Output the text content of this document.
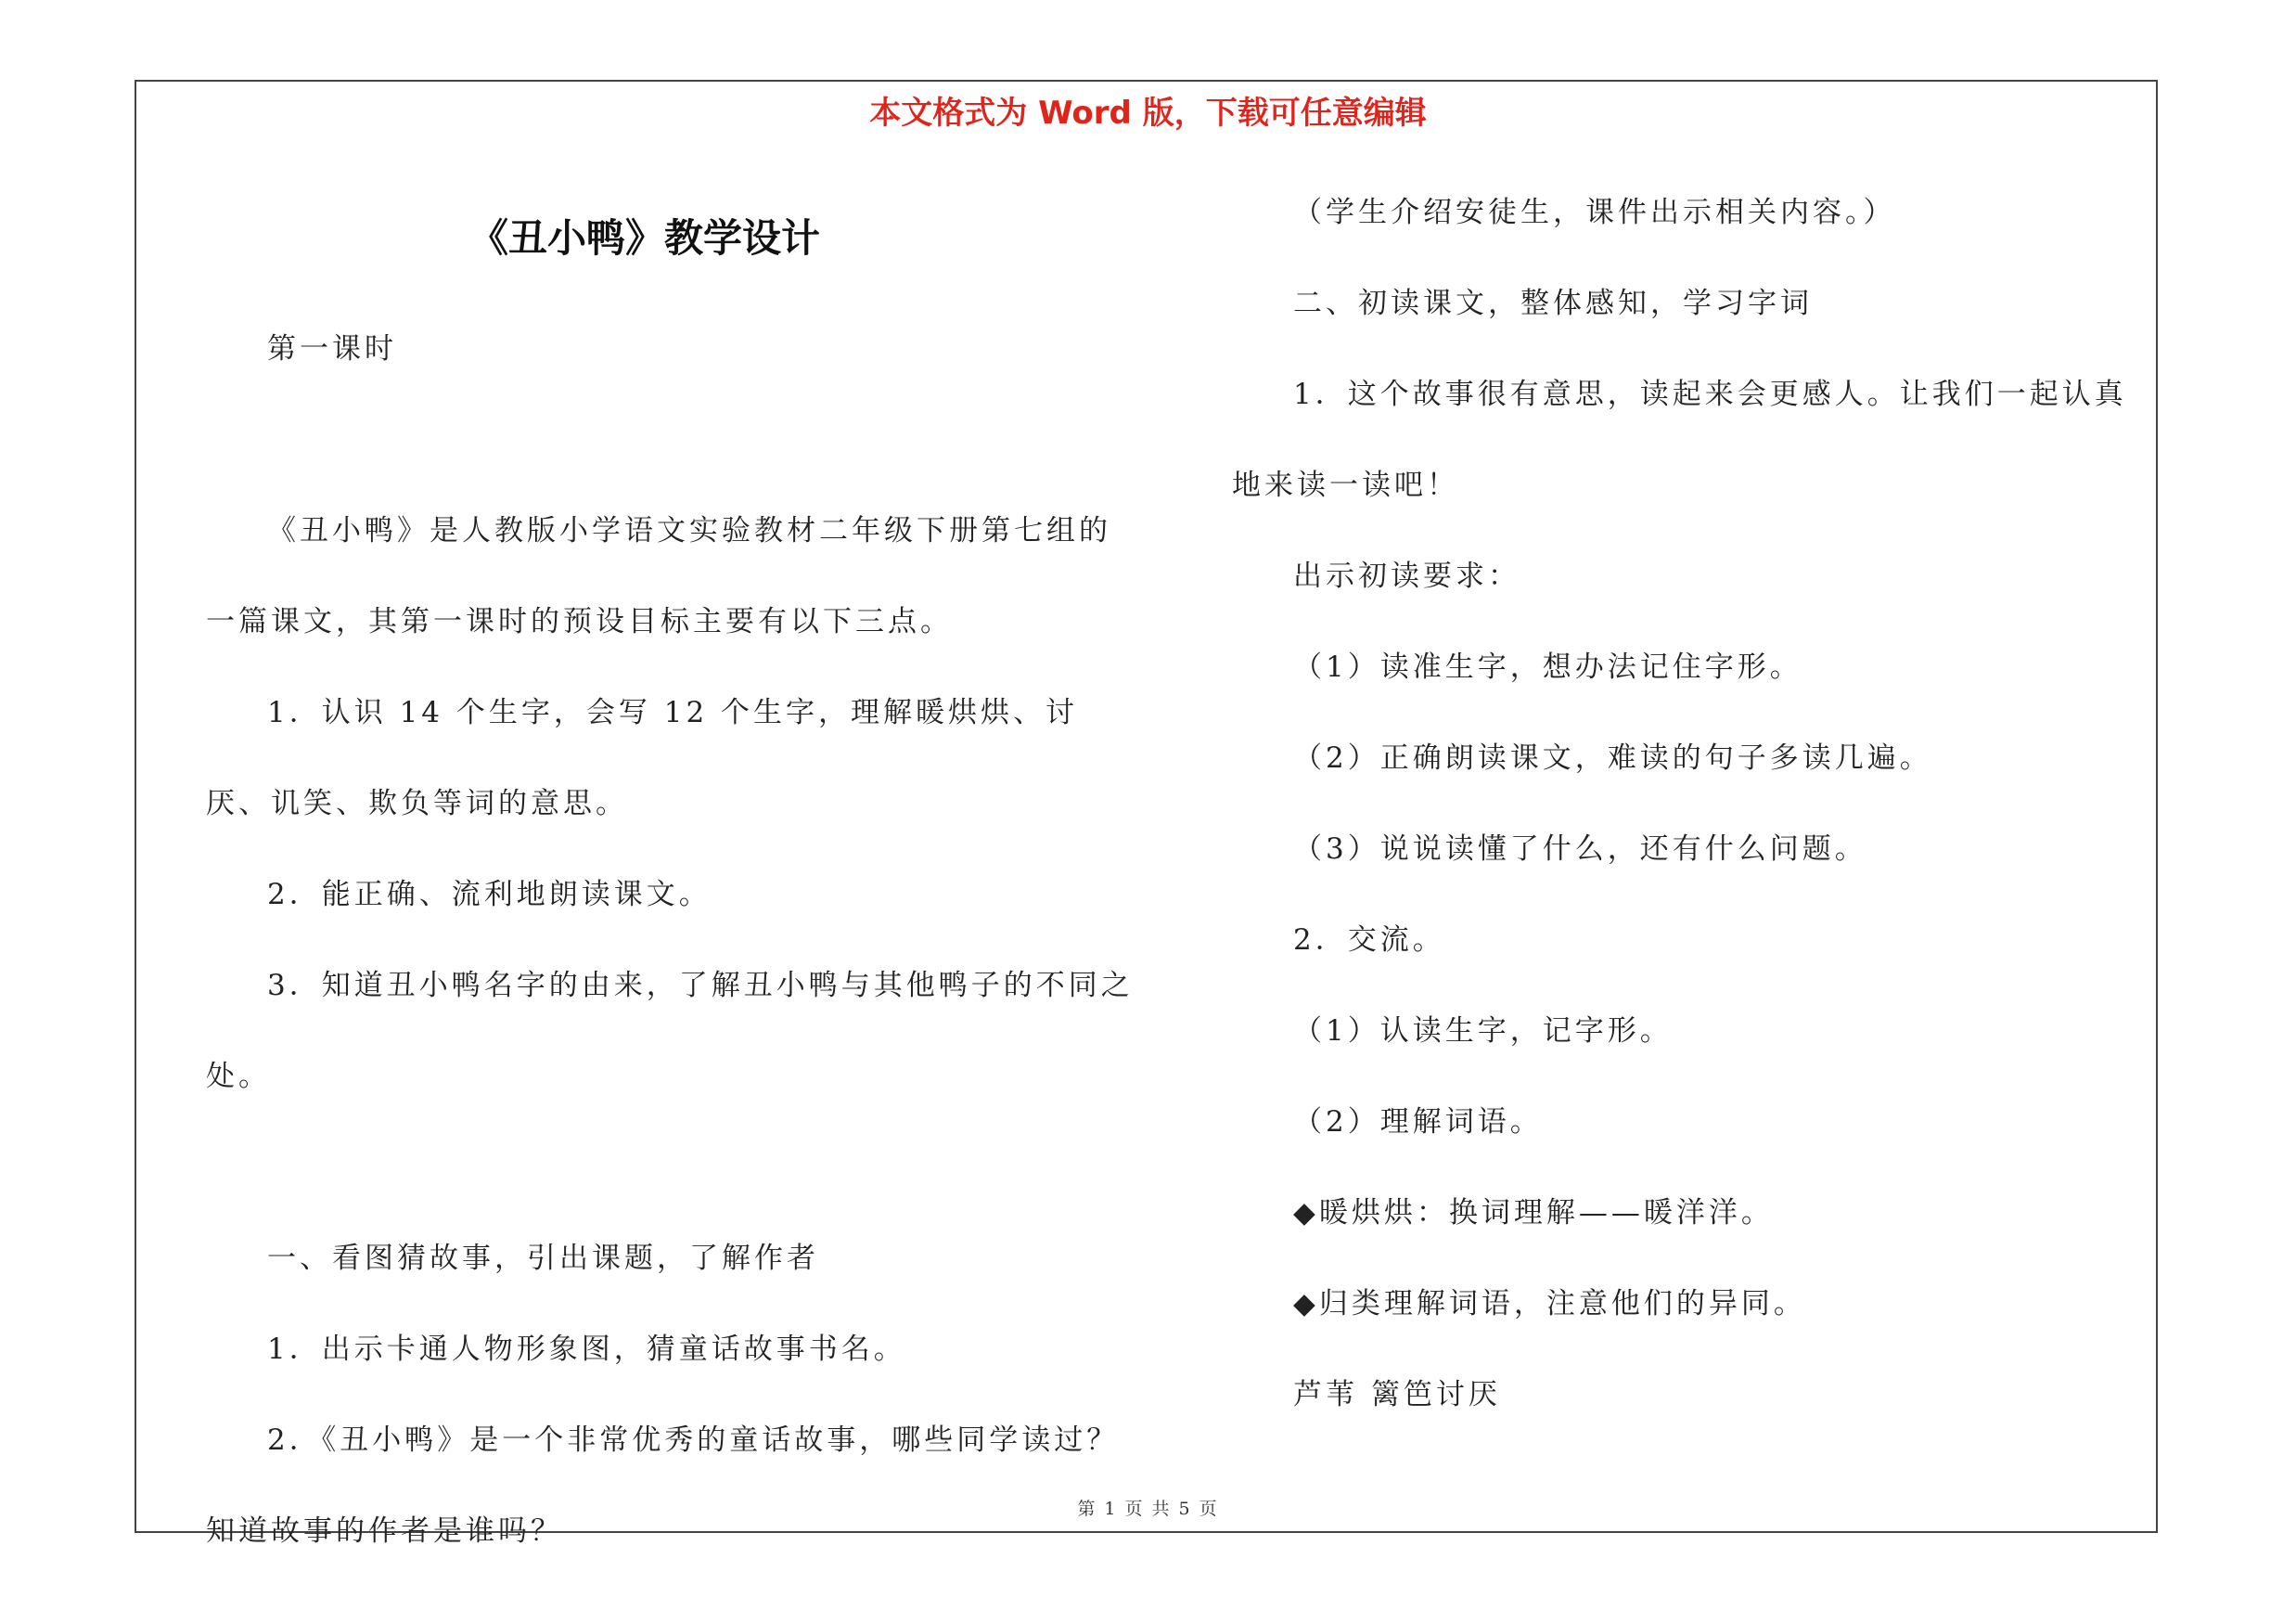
本文格式为 Word 版，下载可任意编辑
《丑小鸭》教学设计

第一课时

《丑小鸭》是人教版小学语文实验教材二年级下册第七组的一篇课文，其第一课时的预设目标主要有以下三点。

1．认识 14 个生字，会写 12 个生字，理解暖烘烘、讨厌、讥笑、欺负等词的意思。

2．能正确、流利地朗读课文。

3．知道丑小鸭名字的由来，了解丑小鸭与其他鸭子的不同之处。

一、看图猜故事，引出课题，了解作者

1．出示卡通人物形象图，猜童话故事书名。

2．《丑小鸭》是一个非常优秀的童话故事，哪些同学读过？知道故事的作者是谁吗？

（学生介绍安徒生，课件出示相关内容。）

二、初读课文，整体感知，学习字词

1．这个故事很有意思，读起来会更感人。让我们一起认真地来读一读吧！

出示初读要求：

（1）读准生字，想办法记住字形。

（2）正确朗读课文，难读的句子多读几遍。

（3）说说读懂了什么，还有什么问题。

2．交流。

（1）认读生字，记字形。

（2）理解词语。

◆暖烘烘：换词理解——暖洋洋。

◆归类理解词语，注意他们的异同。

芦苇 篱笆讨厌

第 1 页 共 5 页
